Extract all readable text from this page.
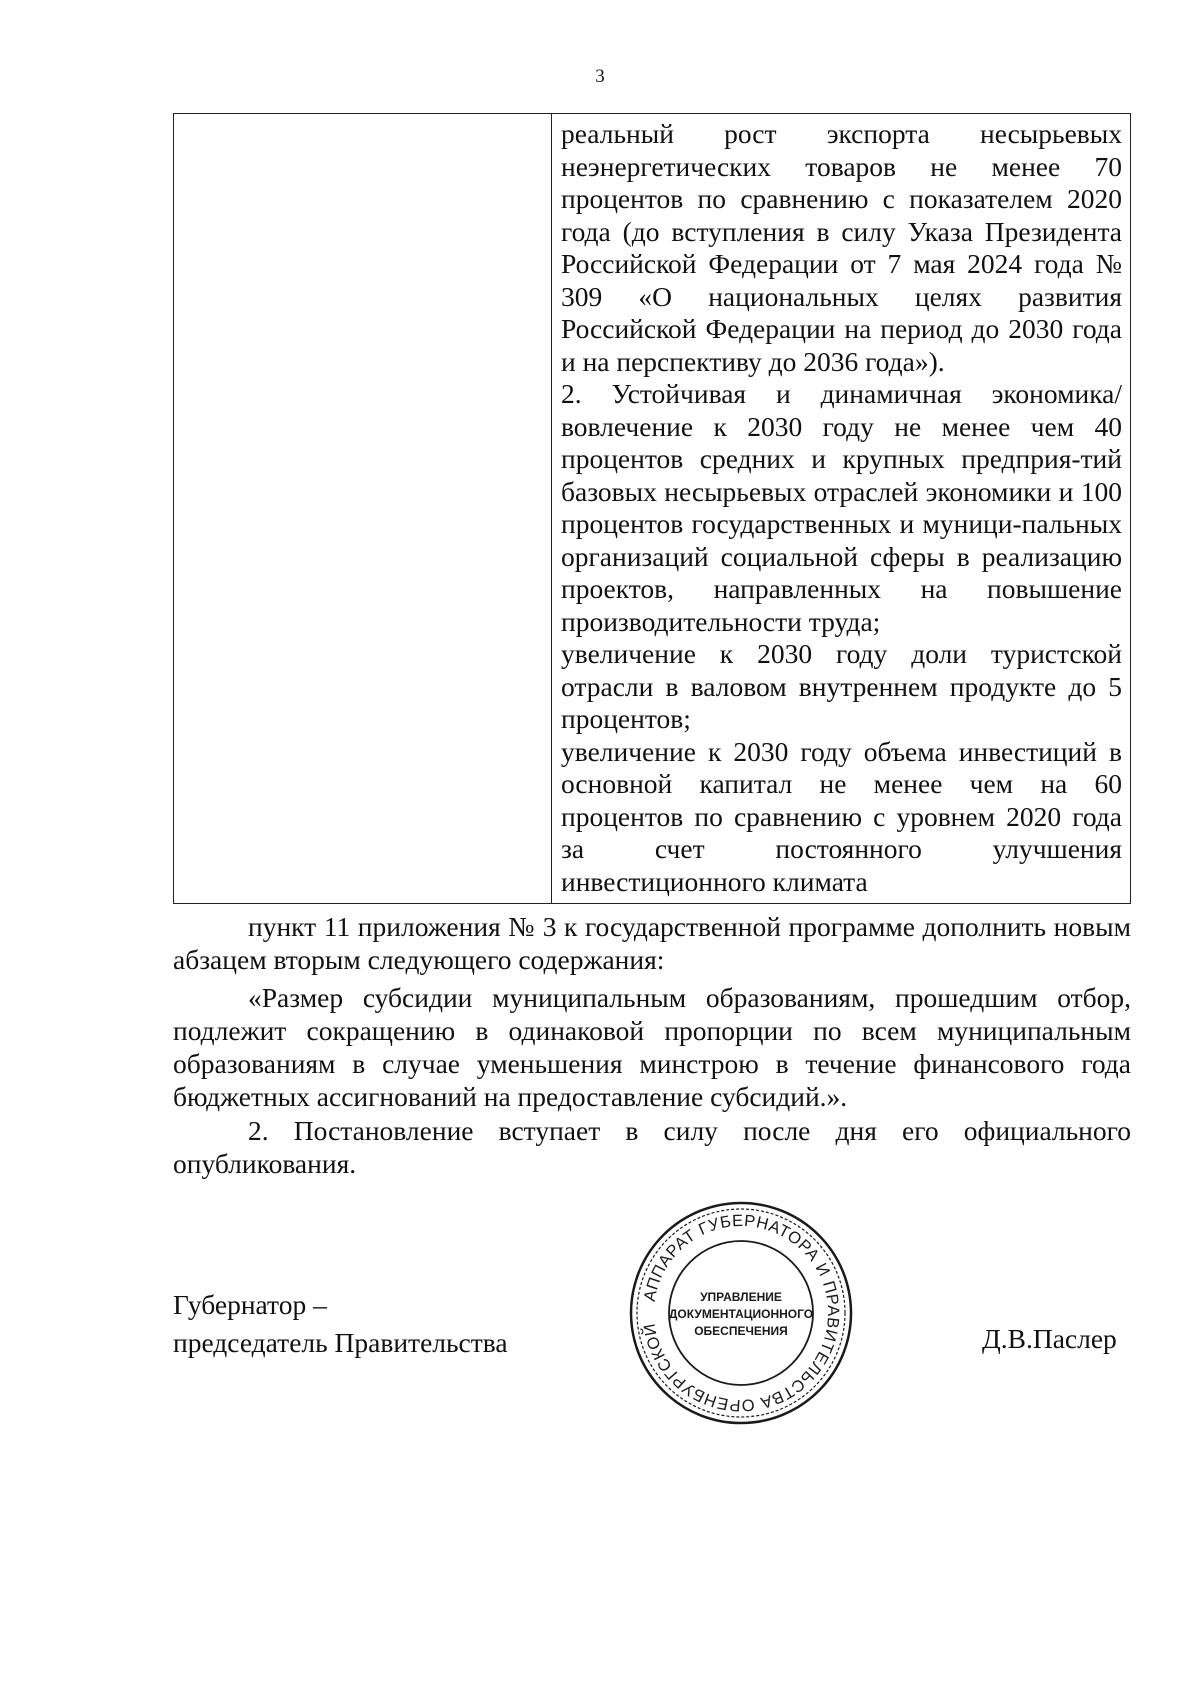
3

реальный рост экспорта несырьевых неэнергетических товаров не менее 70 процентов по сравнению с показателем 2020 года (до вступления в силу Указа Президента Российской Федерации от 7 мая 2024 года № 309 «О национальных целях развития Российской Федерации на период до 2030 года и на перспективу до 2036 года»).

2. Устойчивая и динамичная экономика/ вовлечение к 2030 году не менее чем 40 процентов средних и крупных предприя-тий базовых несырьевых отраслей экономики и 100 процентов государственных и муници-пальных организаций социальной сферы в реализацию проектов, направленных на повышение производительности труда;

увеличение к 2030 году доли туристской отрасли в валовом внутреннем продукте до 5 процентов;

увеличение к 2030 году объема инвестиций в основной капитал не менее чем на 60 процентов по сравнению с уровнем 2020 года за счет постоянного улучшения инвестиционного климата

пункт 11 приложения № 3 к государственной программе дополнить новым абзацем вторым следующего содержания:

«Размер субсидии муниципальным образованиям, прошедшим отбор, подлежит сокращению в одинаковой пропорции по всем муниципальным образованиям в случае уменьшения минстрою в течение финансового года бюджетных ассигнований на предоставление субсидий.».

2. Постановление вступает в силу после дня его официального опубликования.

Губернатор –
председатель Правительства
АППАРАТ ГУБЕРНАТОРА И ПРАВИТЕЛЬСТВА ОРЕНБУРГСКОЙ
УПРАВЛЕНИЕ
ДОКУМЕНТАЦИОННОГО
ОБЕСПЕЧЕНИЯ	Д.В.Паслер
